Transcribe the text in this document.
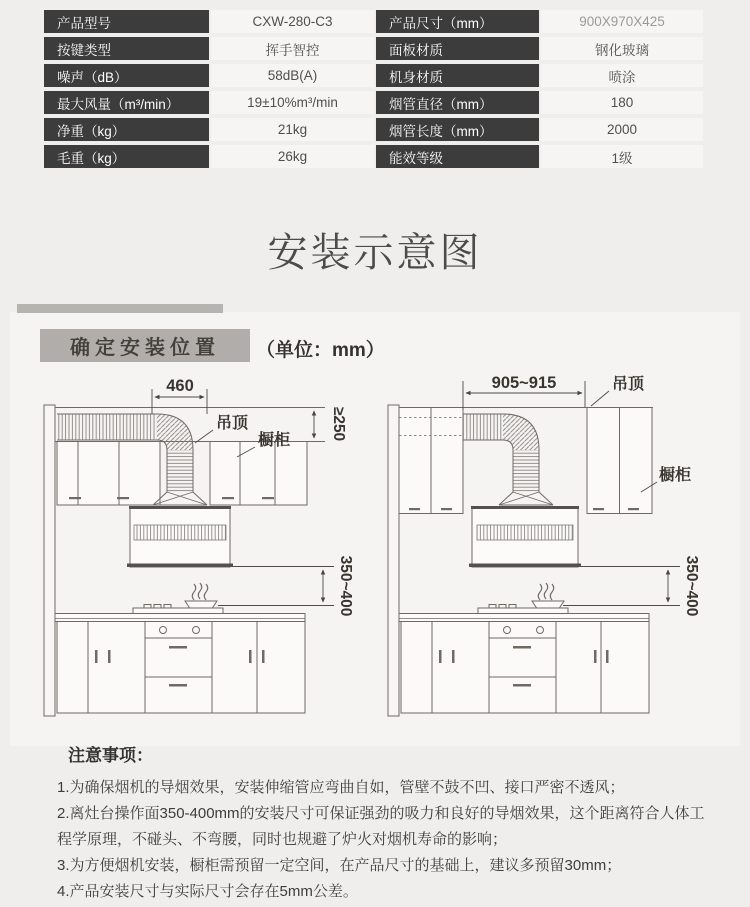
产品型号	CXW-280-C3	产品尺寸（mm）	900X970X425
按键类型	挥手智控	面板材质	钢化玻璃
噪声（dB）	58dB(A)	机身材质	喷涂
最大风量（m³/min）	19±10%m³/min	烟管直径（mm）	180
净重（kg）	21kg	烟管长度（mm）	2000
毛重（kg）	26kg	能效等级	1级
安装示意图
确定安装位置	（单位：mm）
460
≥250
350~400
吊顶
橱柜
905~915
350~400
吊顶
橱柜

注意事项：

1.为确保烟机的导烟效果，安装伸缩管应弯曲自如，管壁不鼓不凹、接口严密不透风；

2.离灶台操作面350-400mm的安装尺寸可保证强劲的吸力和良好的导烟效果，这个距离符合人体工程学原理，不碰头、不弯腰，同时也规避了炉火对烟机寿命的影响；

3.为方便烟机安装，橱柜需预留一定空间，在产品尺寸的基础上，建议多预留30mm；

4.产品安装尺寸与实际尺寸会存在5mm公差。
